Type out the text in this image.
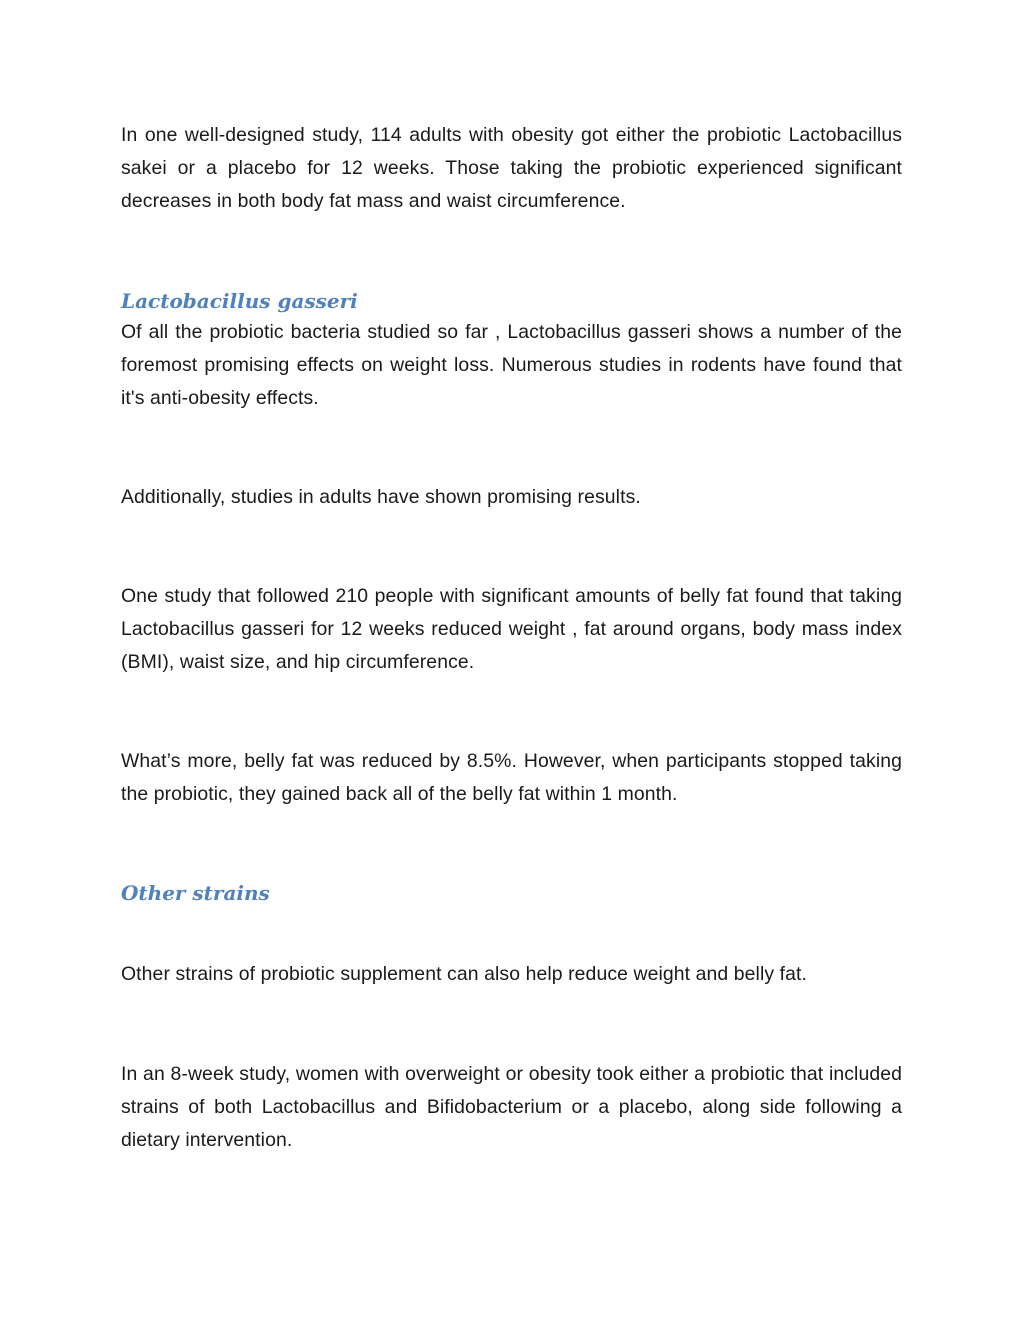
In one well-designed study, 114 adults with obesity got either the probiotic Lactobacillus sakei or a placebo for 12 weeks. Those taking the probiotic experienced significant decreases in both body fat mass and waist circumference.

Lactobacillus gasseri

Of all the probiotic bacteria studied so far , Lactobacillus gasseri shows a number of the foremost promising effects on weight loss. Numerous studies in rodents have found that it's anti-obesity effects.

Additionally, studies in adults have shown promising results.

One study that followed 210 people with significant amounts of belly fat found that taking Lactobacillus gasseri for 12 weeks reduced weight , fat around organs, body mass index (BMI), waist size, and hip circumference.

What’s more, belly fat was reduced by 8.5%. However, when participants stopped taking the probiotic, they gained back all of the belly fat within 1 month.

Other strains

Other strains of probiotic supplement can also help reduce weight and belly fat.

In an 8-week study, women with overweight or obesity took either a probiotic that included strains of both Lactobacillus and Bifidobacterium or a placebo, along side following a dietary intervention.
